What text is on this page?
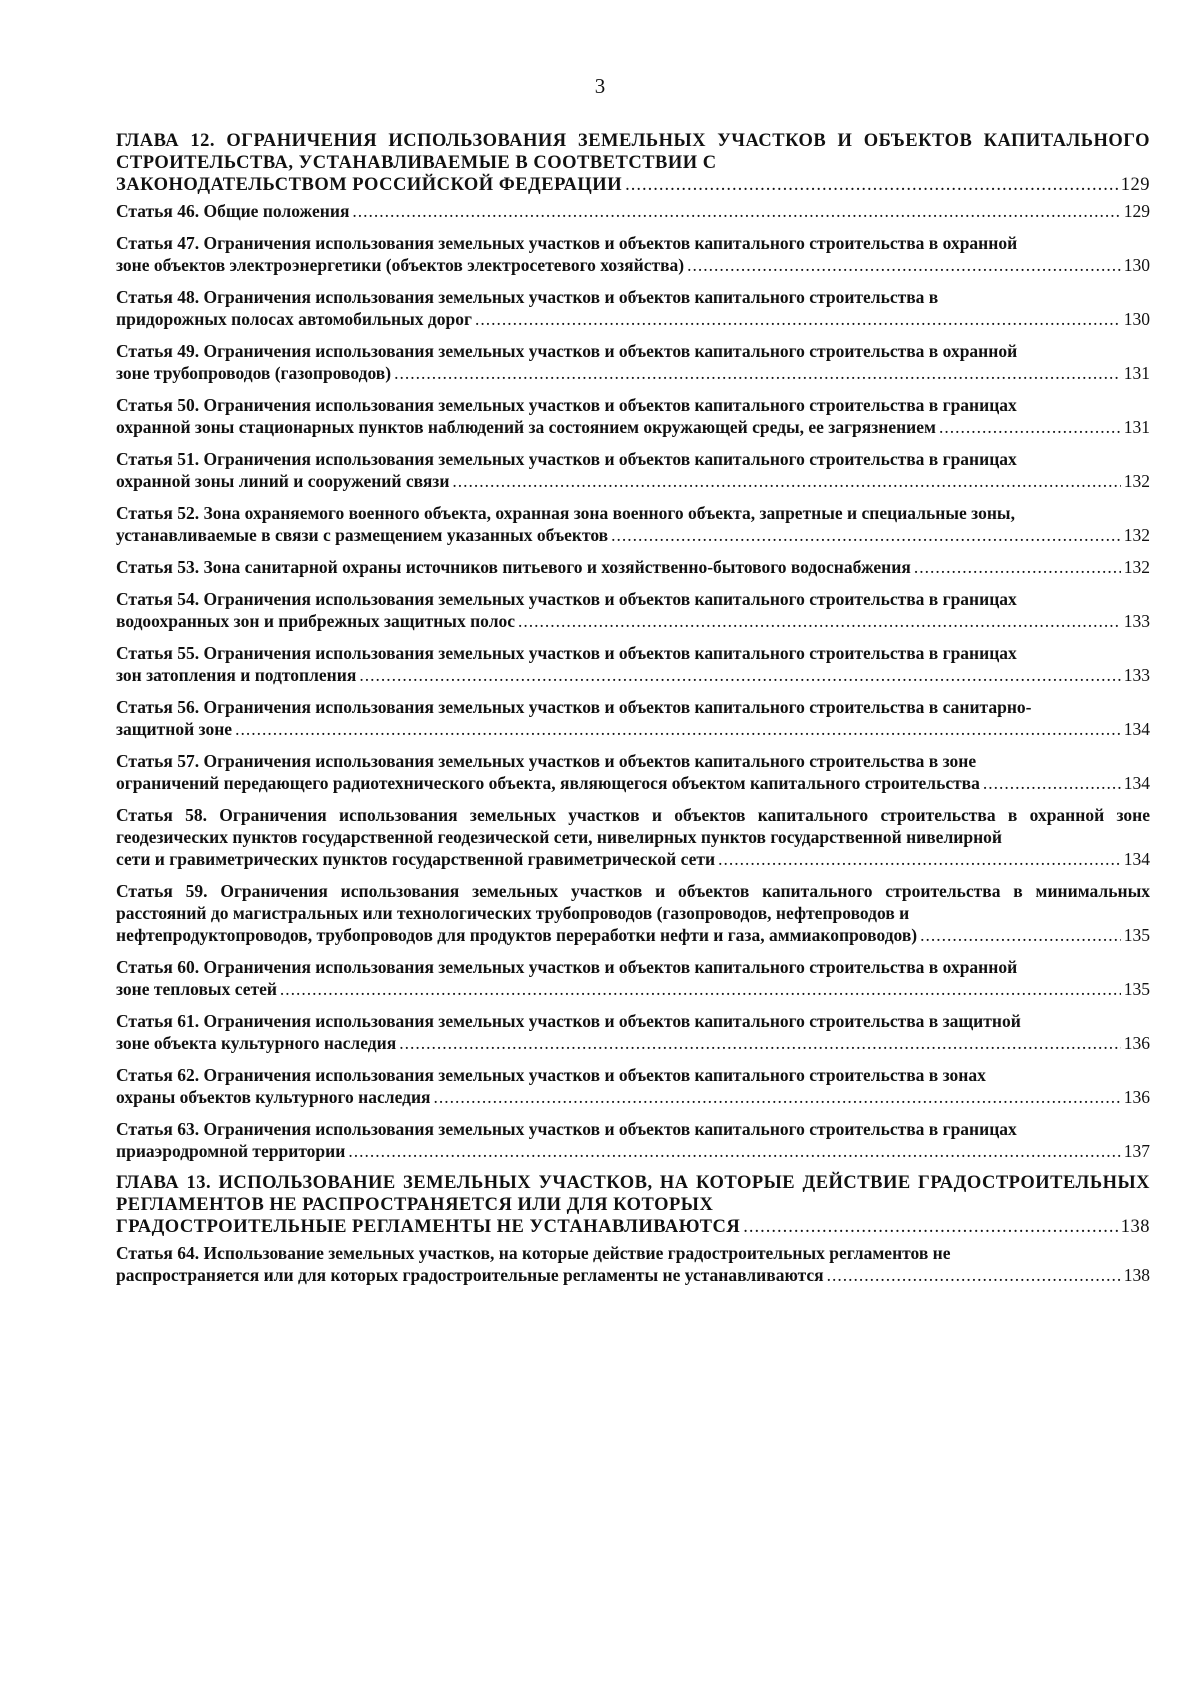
3
ГЛАВА 12. ОГРАНИЧЕНИЯ ИСПОЛЬЗОВАНИЯ ЗЕМЕЛЬНЫХ УЧАСТКОВ И ОБЪЕКТОВ КАПИТАЛЬНОГО СТРОИТЕЛЬСТВА, УСТАНАВЛИВАЕМЫЕ В СООТВЕТСТВИИ С
ЗАКОНОДАТЕЛЬСТВОМ РОССИЙСКОЙ ФЕДЕРАЦИИ .....	129
Статья 46. Общие положения .....	129
Статья 47. Ограничения использования земельных участков и объектов капитального строительства в охранной
зоне объектов электроэнергетики (объектов электросетевого хозяйства) .....	130
Статья 48. Ограничения использования земельных участков и объектов капитального строительства в
придорожных полосах автомобильных дорог .....	130
Статья 49. Ограничения использования земельных участков и объектов капитального строительства в охранной
зоне трубопроводов (газопроводов) .....	131
Статья 50. Ограничения использования земельных участков и объектов капитального строительства в границах
охранной зоны стационарных пунктов наблюдений за состоянием окружающей среды, ее загрязнением .....	131
Статья 51. Ограничения использования земельных участков и объектов капитального строительства в границах
охранной зоны линий и сооружений связи .....	132
Статья 52. Зона охраняемого военного объекта, охранная зона военного объекта, запретные и специальные зоны,
устанавливаемые в связи с размещением указанных объектов .....	132
Статья 53. Зона санитарной охраны источников питьевого и хозяйственно-бытового водоснабжения .....	132
Статья 54. Ограничения использования земельных участков и объектов капитального строительства в границах
водоохранных зон и прибрежных защитных полос .....	133
Статья 55. Ограничения использования земельных участков и объектов капитального строительства в границах
зон затопления и подтопления .....	133
Статья 56. Ограничения использования земельных участков и объектов капитального строительства в санитарно-
защитной зоне .....	134
Статья 57. Ограничения использования земельных участков и объектов капитального строительства в зоне
ограничений передающего радиотехнического объекта, являющегося объектом капитального строительства .....	134
Статья 58. Ограничения использования земельных участков и объектов капитального строительства в охранной зоне геодезических пунктов государственной геодезической сети, нивелирных пунктов государственной нивелирной
сети и гравиметрических пунктов государственной гравиметрической сети .....	134
Статья 59. Ограничения использования земельных участков и объектов капитального строительства в минимальных расстояний до магистральных или технологических трубопроводов (газопроводов, нефтепроводов и
нефтепродуктопроводов, трубопроводов для продуктов переработки нефти и газа, аммиакопроводов) .....	135
Статья 60. Ограничения использования земельных участков и объектов капитального строительства в охранной
зоне тепловых сетей .....	135
Статья 61. Ограничения использования земельных участков и объектов капитального строительства в защитной
зоне объекта культурного наследия .....	136
Статья 62. Ограничения использования земельных участков и объектов капитального строительства в зонах
охраны объектов культурного наследия .....	136
Статья 63. Ограничения использования земельных участков и объектов капитального строительства в границах
приаэродромной территории .....	137
ГЛАВА 13. ИСПОЛЬЗОВАНИЕ ЗЕМЕЛЬНЫХ УЧАСТКОВ, НА КОТОРЫЕ ДЕЙСТВИЕ ГРАДОСТРОИТЕЛЬНЫХ РЕГЛАМЕНТОВ НЕ РАСПРОСТРАНЯЕТСЯ ИЛИ ДЛЯ КОТОРЫХ
ГРАДОСТРОИТЕЛЬНЫЕ РЕГЛАМЕНТЫ НЕ УСТАНАВЛИВАЮТСЯ .....	138
Статья 64. Использование земельных участков, на которые действие градостроительных регламентов не
распространяется или для которых градостроительные регламенты не устанавливаются .....	138
